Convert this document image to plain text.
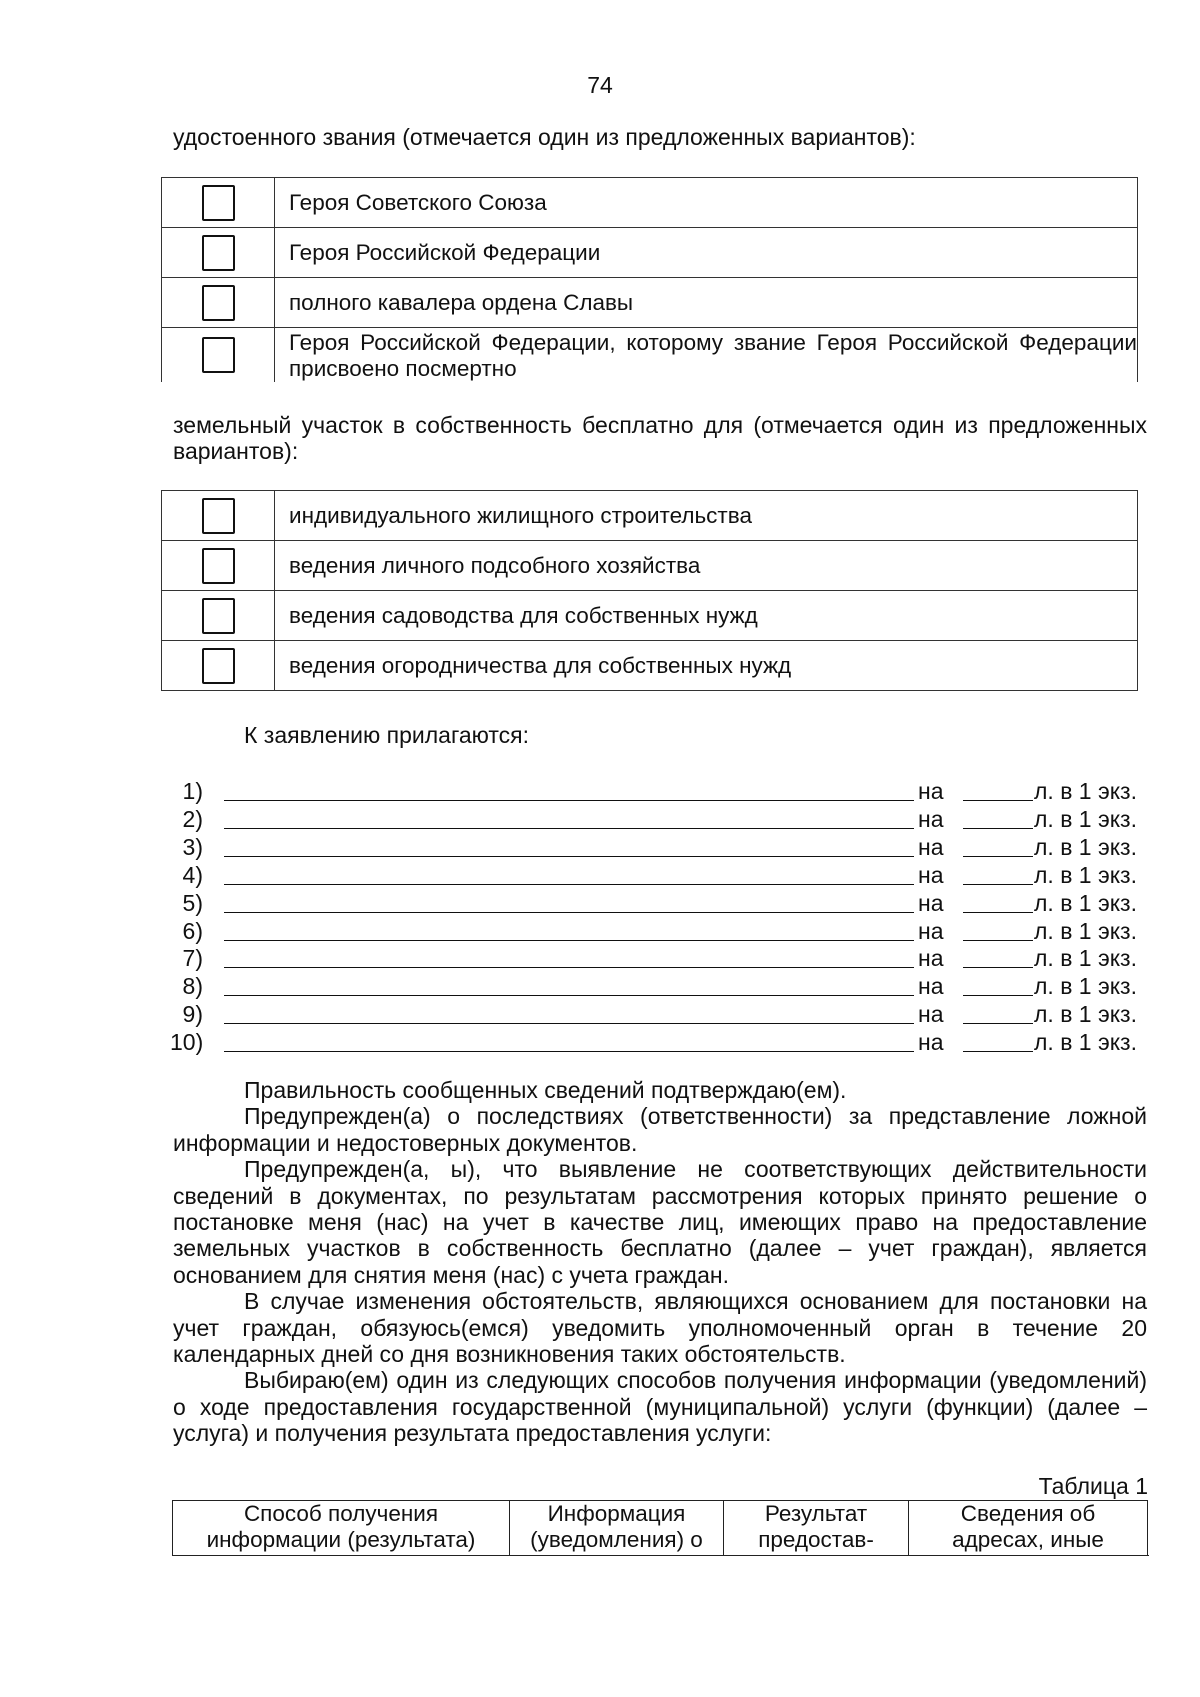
74
удостоенного звания (отмечается один из предложенных вариантов):
	Героя Советского Союза
	Героя Российской Федерации
	полного кавалера ордена Славы
	Героя Российской Федерации, которому звание Героя Российской Федерации присвоено посмертно
земельный участок в собственность бесплатно для (отмечается один из предложенных вариантов):
	индивидуального жилищного строительства
	ведения личного подсобного хозяйства
	ведения садоводства для собственных нужд
	ведения огородничества для собственных нужд
К заявлению прилагаются:
1)	на	л. в 1 экз.
2)	на	л. в 1 экз.
3)	на	л. в 1 экз.
4)	на	л. в 1 экз.
5)	на	л. в 1 экз.
6)	на	л. в 1 экз.
7)	на	л. в 1 экз.
8)	на	л. в 1 экз.
9)	на	л. в 1 экз.
10)	на	л. в 1 экз.

Правильность сообщенных сведений подтверждаю(ем).

Предупрежден(а) о последствиях (ответственности) за представление ложной информации и недостоверных документов.

Предупрежден(а, ы), что выявление не соответствующих действительности сведений в документах, по результатам рассмотрения которых принято решение о постановке меня (нас) на учет в качестве лиц, имеющих право на предоставление земельных участков в собственность бесплатно (далее – учет граждан), является основанием для снятия меня (нас) с учета граждан.

В случае изменения обстоятельств, являющихся основанием для постановки на учет граждан, обязуюсь(емся) уведомить уполномоченный орган в течение 20 календарных дней со дня возникновения таких обстоятельств.

Выбираю(ем) один из следующих способов получения информации (уведомлений) о ходе предоставления государственной (муниципальной) услуги (функции) (далее – услуга) и получения результата предоставления услуги:

Таблица 1
Способ получения информации (результата)	Информация (уведомления) о	Результат предостав-	Сведения об адресах, иные
